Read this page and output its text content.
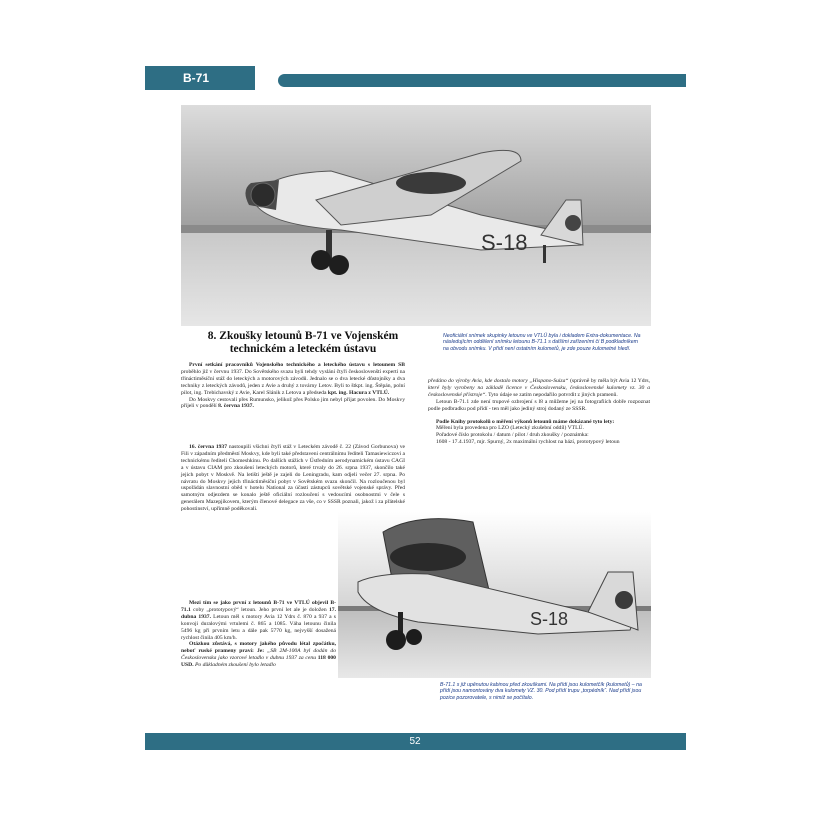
B-71
S-18
8. Zkoušky letounů B-71 ve Vojenském technickém a leteckém ústavu
Neoficiální snímek skupinky letounu ve VTLÚ byla i dokladem Extra-dokumentace. Na následujícím oddělení snímku letounu B-71.1 s dalšími zařízeními či B podkladníkem na obvodu snímku. V přidí není ostatním kulometů, je zde pouze kulometné hledí.

První setkání pracovníků Vojenského technického a leteckého ústavu s letounem SB proběhlo již v červnu 1937. Do Sovětského svazu byli tehdy vysláni čtyři českoslovenští experti na třináctiměsíční stáž do leteckých a motorových závodů. Jednalo se o dva letecké důstojníky a dva techniky z leteckých závodů, jeden z Avie a druhý z továrny Letov. Byli to štkpt. ing. Štěpán, polní pilot, ing. Trebichavský z Avie, Karel Slánik z Letova a předseda kpt. ing. Hacura z VTLÚ.

Do Moskvy cestovali přes Rumunsko, jelikož přes Polsko jim nebyl přijat povolen. Do Moskvy přijeli v pondělí 8. června 1937.

16. června 1937 nastoupili všichni čtyři stáž v Leteckém závodě č. 22 (Závod Gorbunova) ve Fili v západním předměstí Moskvy, kde byli také představeni centrálnímu řediteli Tamasiewiczovi a technickému řediteli Chomeshkinu. Po dalších stážích v Ústředním aerodynamickém ústavu CAGI a v ústavu CIAM pro zkoušení leteckých motorů, které trvaly do 26. srpna 1937, skončilo také jejich pobyt v Moskvě. Na letišti ještě je zajeli do Leningradu, kam odjeli večer 27. srpna. Po návratu do Moskvy jejich třináctiměsíční pobyt v Sovětském svazu skončil. Na rozloučenou byl uspořádán slavnostní oběd v hotelu National za účasti zástupců sovětské vojenské správy. Před samotným odjezdem se konalo ještě oficiální rozloučení s vedoucími osobnostmi v čele s generálem Mazepjikovem, kterým členové delegace za vše, co v SSSR poznali, jakož i za přátelské pohostinství, upřímně poděkovali.

Mezi tím se jako první z letounů B-71 ve VTLÚ objevil B-71.1 coby „prototypový“ letoun. Jeho první let ale je doložen 17. dubna 1937. Letoun měl s motory Avia 12 Ydrs č. 870 a 937 a s konvoji duralovými vrtulemi č. 865 a 1085. Váha letounu činila 5496 kg při prvním letu a dále pak 5770 kg, nejvyšší dosažená rychlost činila 405 km/h.

Otázkou zůstává, s motory jakého původu létal zpočátku, neboť ruské prameny praví: Je: „SB 2M-100A byl dodán do Československa jako vzorové letadlo v dubnu 1937 za cenu 118 000 USD. Po důkladném zkoušení bylo letadlo

předáno do výroby Avia, kde dostalo motory „Hispano-Suiza“ (správně by měla být Avia 12 Ydrs, které byly vyrobeny na základě licence v Československu, československé kulomety vz. 30 a československé přístroje“. Tyto údaje se zatím nepodařilo potvrdit z jiných pramenů.

Letoun B-71.1 zde není trupové ozbrojení s l8 a můžeme jej na fotografiích dobře rozpoznat podle podbradku pod přídí - ten měl jako jediný stroj dodaný ze SSSR.

Podle Knihy protokolů o měření výkonů letounů máme dokázané tyto lety:

Měření byla provedena pro LZO (Letecký zkušební oddíl) VTLÚ.

Pořadové číslo protokolu / datum / pilot / druh zkoušky / poznámka:

1608 - 17.4.1937, mjr. Spurný, 2x maximální rychlost na bází, prototypový letoun

S-18
B-71.1 s již upěnutou kabinou před zkouškami. Na přídi jsou kulometčík (kulometů) – na přídi jsou namontovány dva kulomety VZ. 30. Pod přídí trupu „torpédník“. Nad přídí jsou pozice pozorovatele, s nimiž se počítalo.
52
